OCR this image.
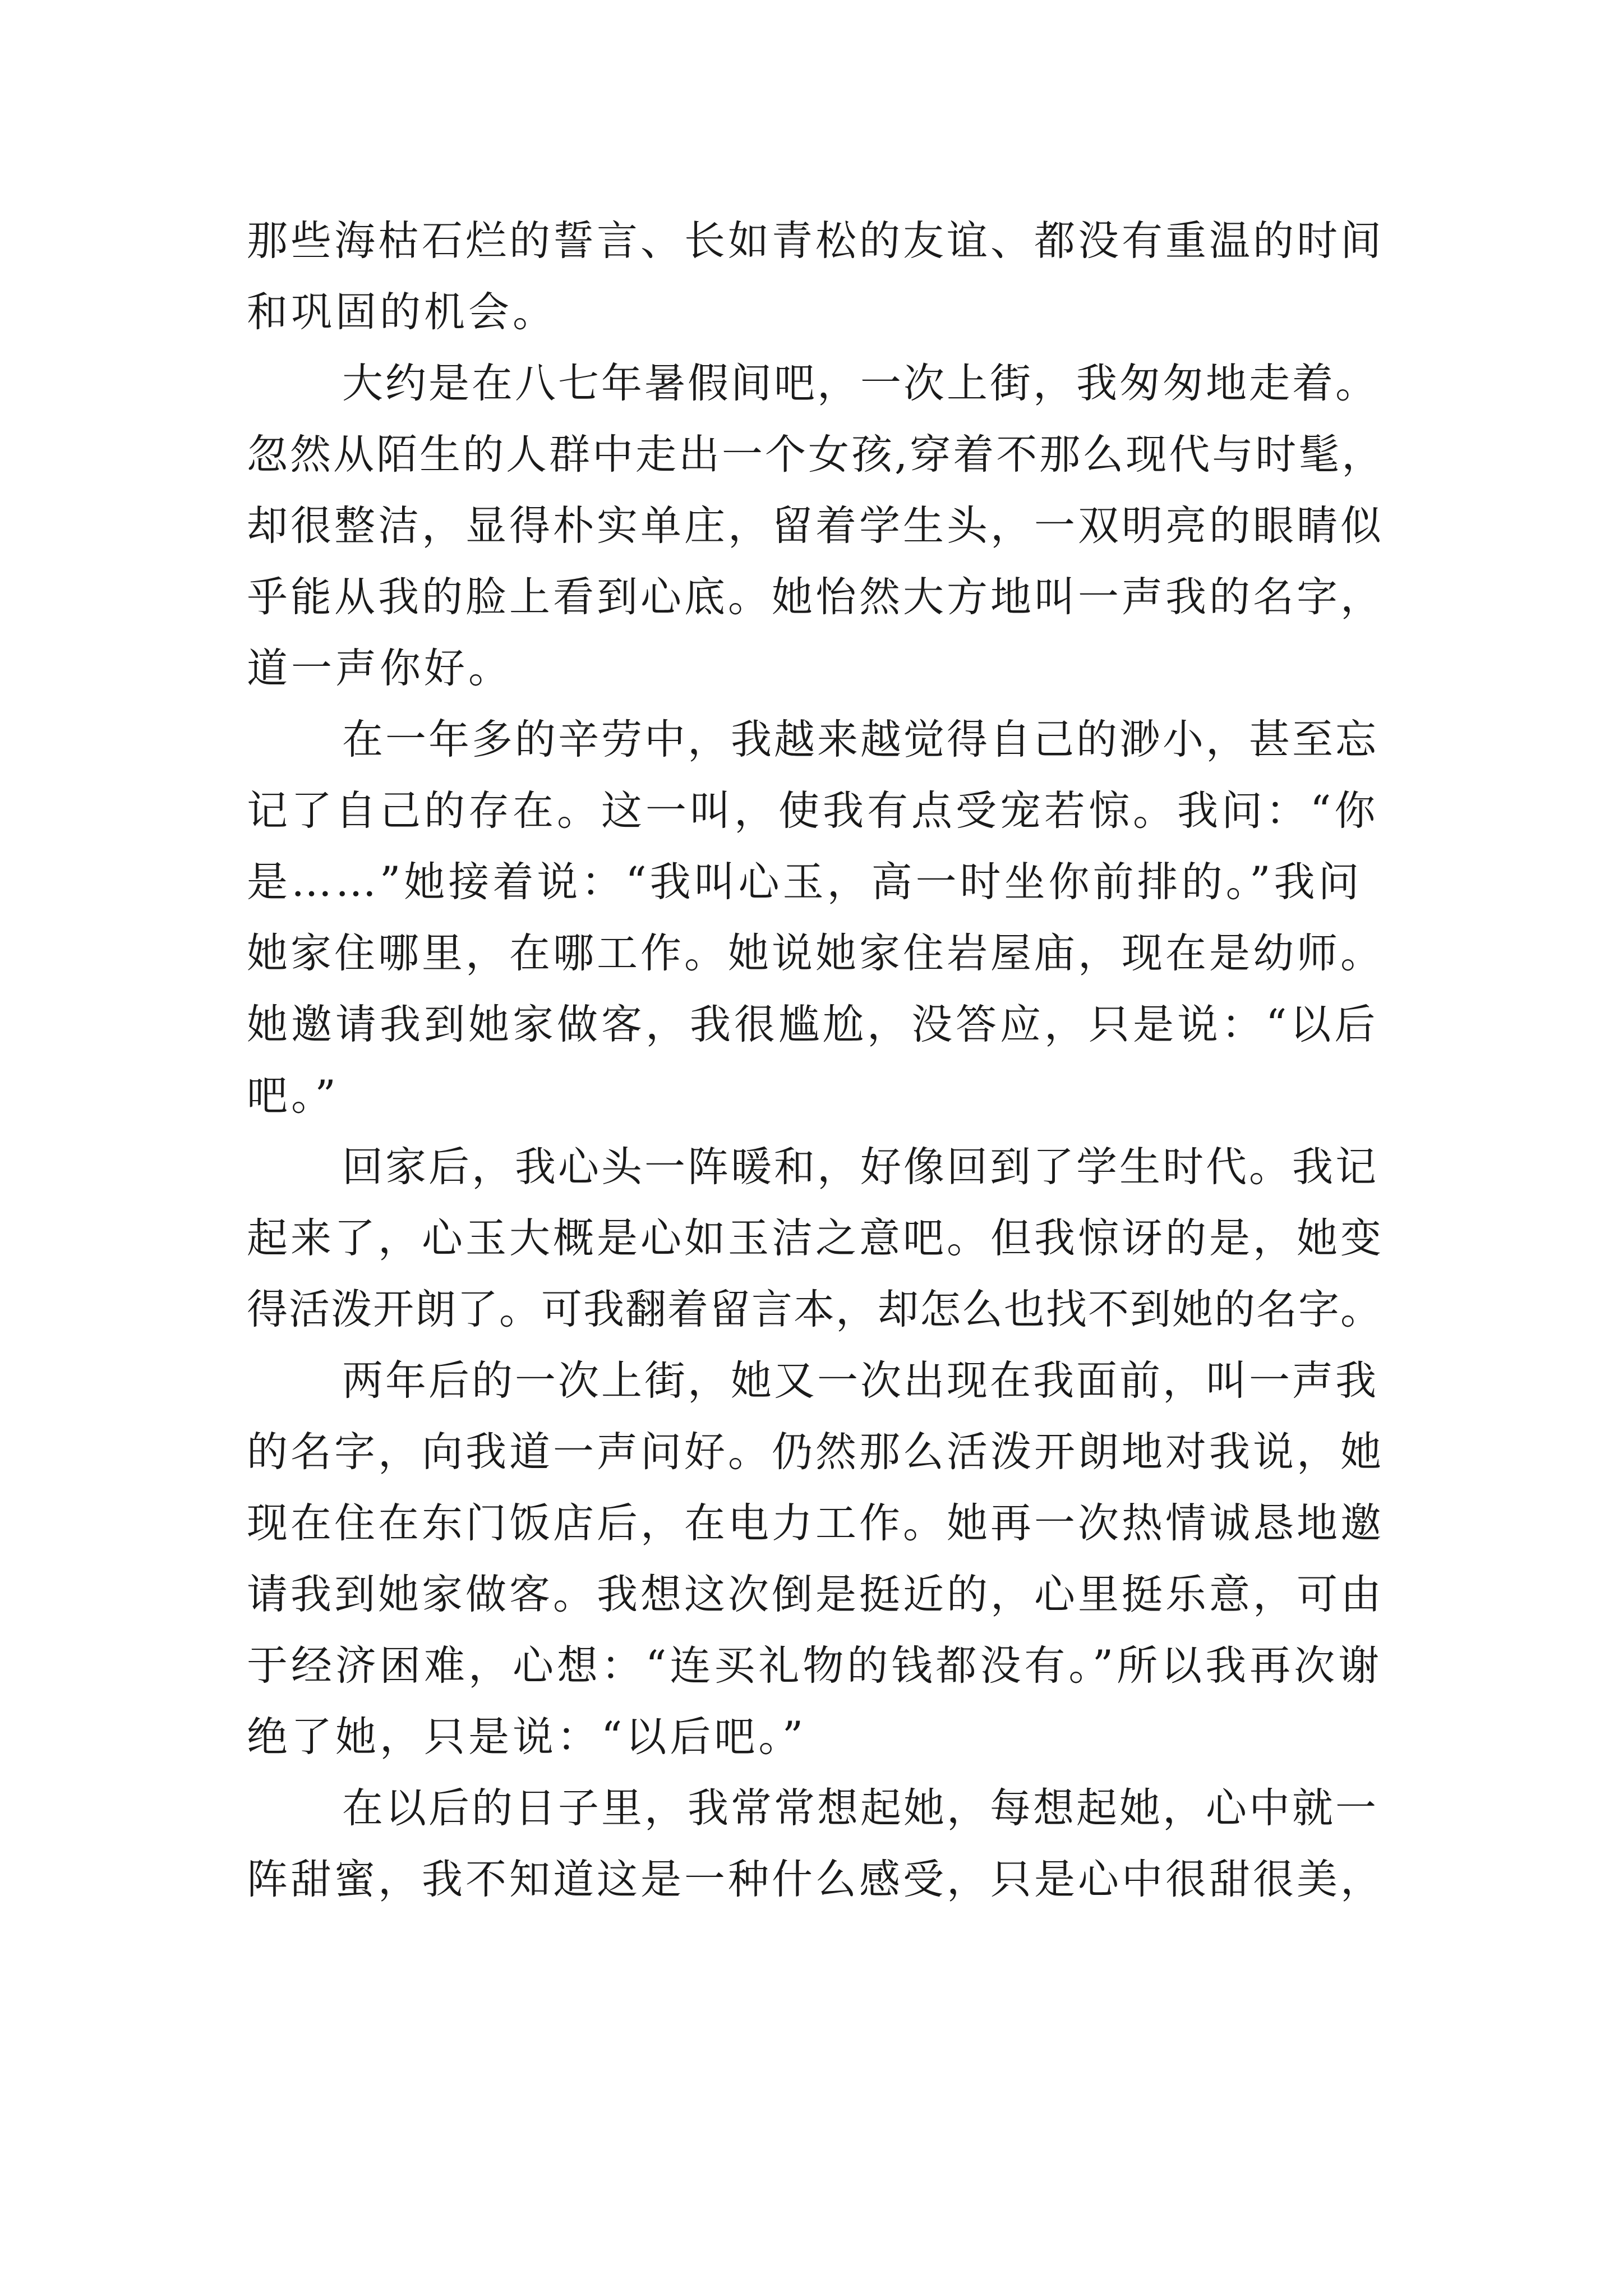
那些海枯石烂的誓言、长如青松的友谊、都没有重温的时间
和巩固的机会。
大约是在八七年暑假间吧，一次上街，我匆匆地走着。
忽然从陌生的人群中走出一个女孩,穿着不那么现代与时髦，
却很整洁，显得朴实单庄，留着学生头，一双明亮的眼睛似
乎能从我的脸上看到心底。她怡然大方地叫一声我的名字，
道一声你好。
在一年多的辛劳中，我越来越觉得自己的渺小，甚至忘
记了自己的存在。这一叫，使我有点受宠若惊。我问：“你
是……”她接着说：“我叫心玉，高一时坐你前排的。”我问
她家住哪里，在哪工作。她说她家住岩屋庙，现在是幼师。
她邀请我到她家做客，我很尴尬，没答应，只是说：“以后
吧。”
回家后，我心头一阵暖和，好像回到了学生时代。我记
起来了，心玉大概是心如玉洁之意吧。但我惊讶的是，她变
得活泼开朗了。可我翻着留言本，却怎么也找不到她的名字。
两年后的一次上街，她又一次出现在我面前，叫一声我
的名字，向我道一声问好。仍然那么活泼开朗地对我说，她
现在住在东门饭店后，在电力工作。她再一次热情诚恳地邀
请我到她家做客。我想这次倒是挺近的，心里挺乐意，可由
于经济困难，心想：“连买礼物的钱都没有。”所以我再次谢
绝了她，只是说：“以后吧。”
在以后的日子里，我常常想起她，每想起她，心中就一
阵甜蜜，我不知道这是一种什么感受，只是心中很甜很美，
